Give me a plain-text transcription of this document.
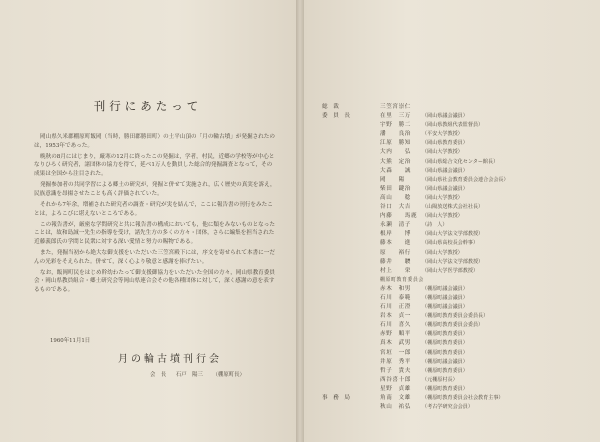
刊行にあたって

岡山県久米郡棚原町飯岡（当時，勝田郡勝田町）の土平山頂の「月の輪古墳」が発掘されたのは，1953年であった。

晩秋の8月にはじまり，厳寒の12月に終ったこの発掘は，学者，村民，近郷の学校等が中心となりひろく研究者，諸団体の協力を得て，延べ1万人を動員した総合的発掘調査となって，その成果は全国から注目された。

発掘参加者の共同学習による郷土の研究が，発掘と併せて実施され，広く歴史の真実を訴え，民族意識を昂揚させたことも高く評価されていた。

それから7年余，増補された研究者の調査・研究が実を結んで，ここに報告書の刊行をみたことは，よろこびに堪えないところである。

この報告書が，厳密な学問研究と共に報告書の構成においても，他に類をみないものとなったことは，故和島誠一先生の指導を受け，諸先生方の多くの方々・団体，さらに編集を担当された近藤義郎氏の学問と民衆に対する深い愛情と努力の賜物である。

また，発掘当初から絶大な御支援をいただいた三笠宮殿下には，序文を寄せられて本書に一だんの光彩をそえられた。併せて，深く心より敬意と感謝を捧げたい。

なお，飯岡町民をはじめ幹幼わたって御支援御協力をいただいた全国の方々，岡山県教育委員会・岡山県教員組合・郷土研究会等岡山県連合会その他各種団体に対して，深く感謝の意を表するものである。

1960年11月1日
月の輪古墳刊行会
会　長 石戸　陽三 （棚原町長）
総　裁	三笠宮崇仁
委　員　長	在里　三万	（岡山県議会議員）
宇野　勝二	（岡山県教組代表監督員）
潘　　良治	（平安大学教授）
江原　勝知	（岡山県教育委員）
大内　　弘	（岡山大学教授）
大熊　定治	（岡山県総合文化センター館長）
大森　　誠	（岡山県議会議員）
岡　　陽	（岡山県社会教育委員会連合会会長）
柴田　鍵治	（岡山県議会議員）
高山　　稔	（岡山大学教授）
谷口　大吉	（山陽放送株式会社社長）
内藤　　馬鹿 （岡山大学教授）
永瀬　清子	（詩　人）
根岸　　博	（岡山大学法文学部教授）
藤本　　進	（岡山県高校長会幹事）
原　　裕行	（岡山大学教授）
藤井　　駿	（岡山大学法文学部教授）
村上　　栄	（岡山大学医学部教授）
棚原町教育委員会
赤木　和男	（棚原町議会議員）
石川　泰範	（棚原町議会議員）
石川　正澄	（棚原町議会議員）
岩本　貞一	（棚原町教育委員会委員長）
石川　喜久	（棚原町教育委員会委員）
赤野　順平	（棚原町教育委員）
真木　武男	（棚原町教育委員）
宮垣　一郎	（棚原町教育委員）
井原　秀平	（棚原町議会議員）
哲子　貴夫	（棚原町教育委員）
西谷喜十郎	（元棚原村長）
星野　貞雄	（棚原町教育委員）
事　務　局	角南　文雄	（棚原町教育委員会社会教育主事）
秋山　祐弘	（考古学研究会会員）
